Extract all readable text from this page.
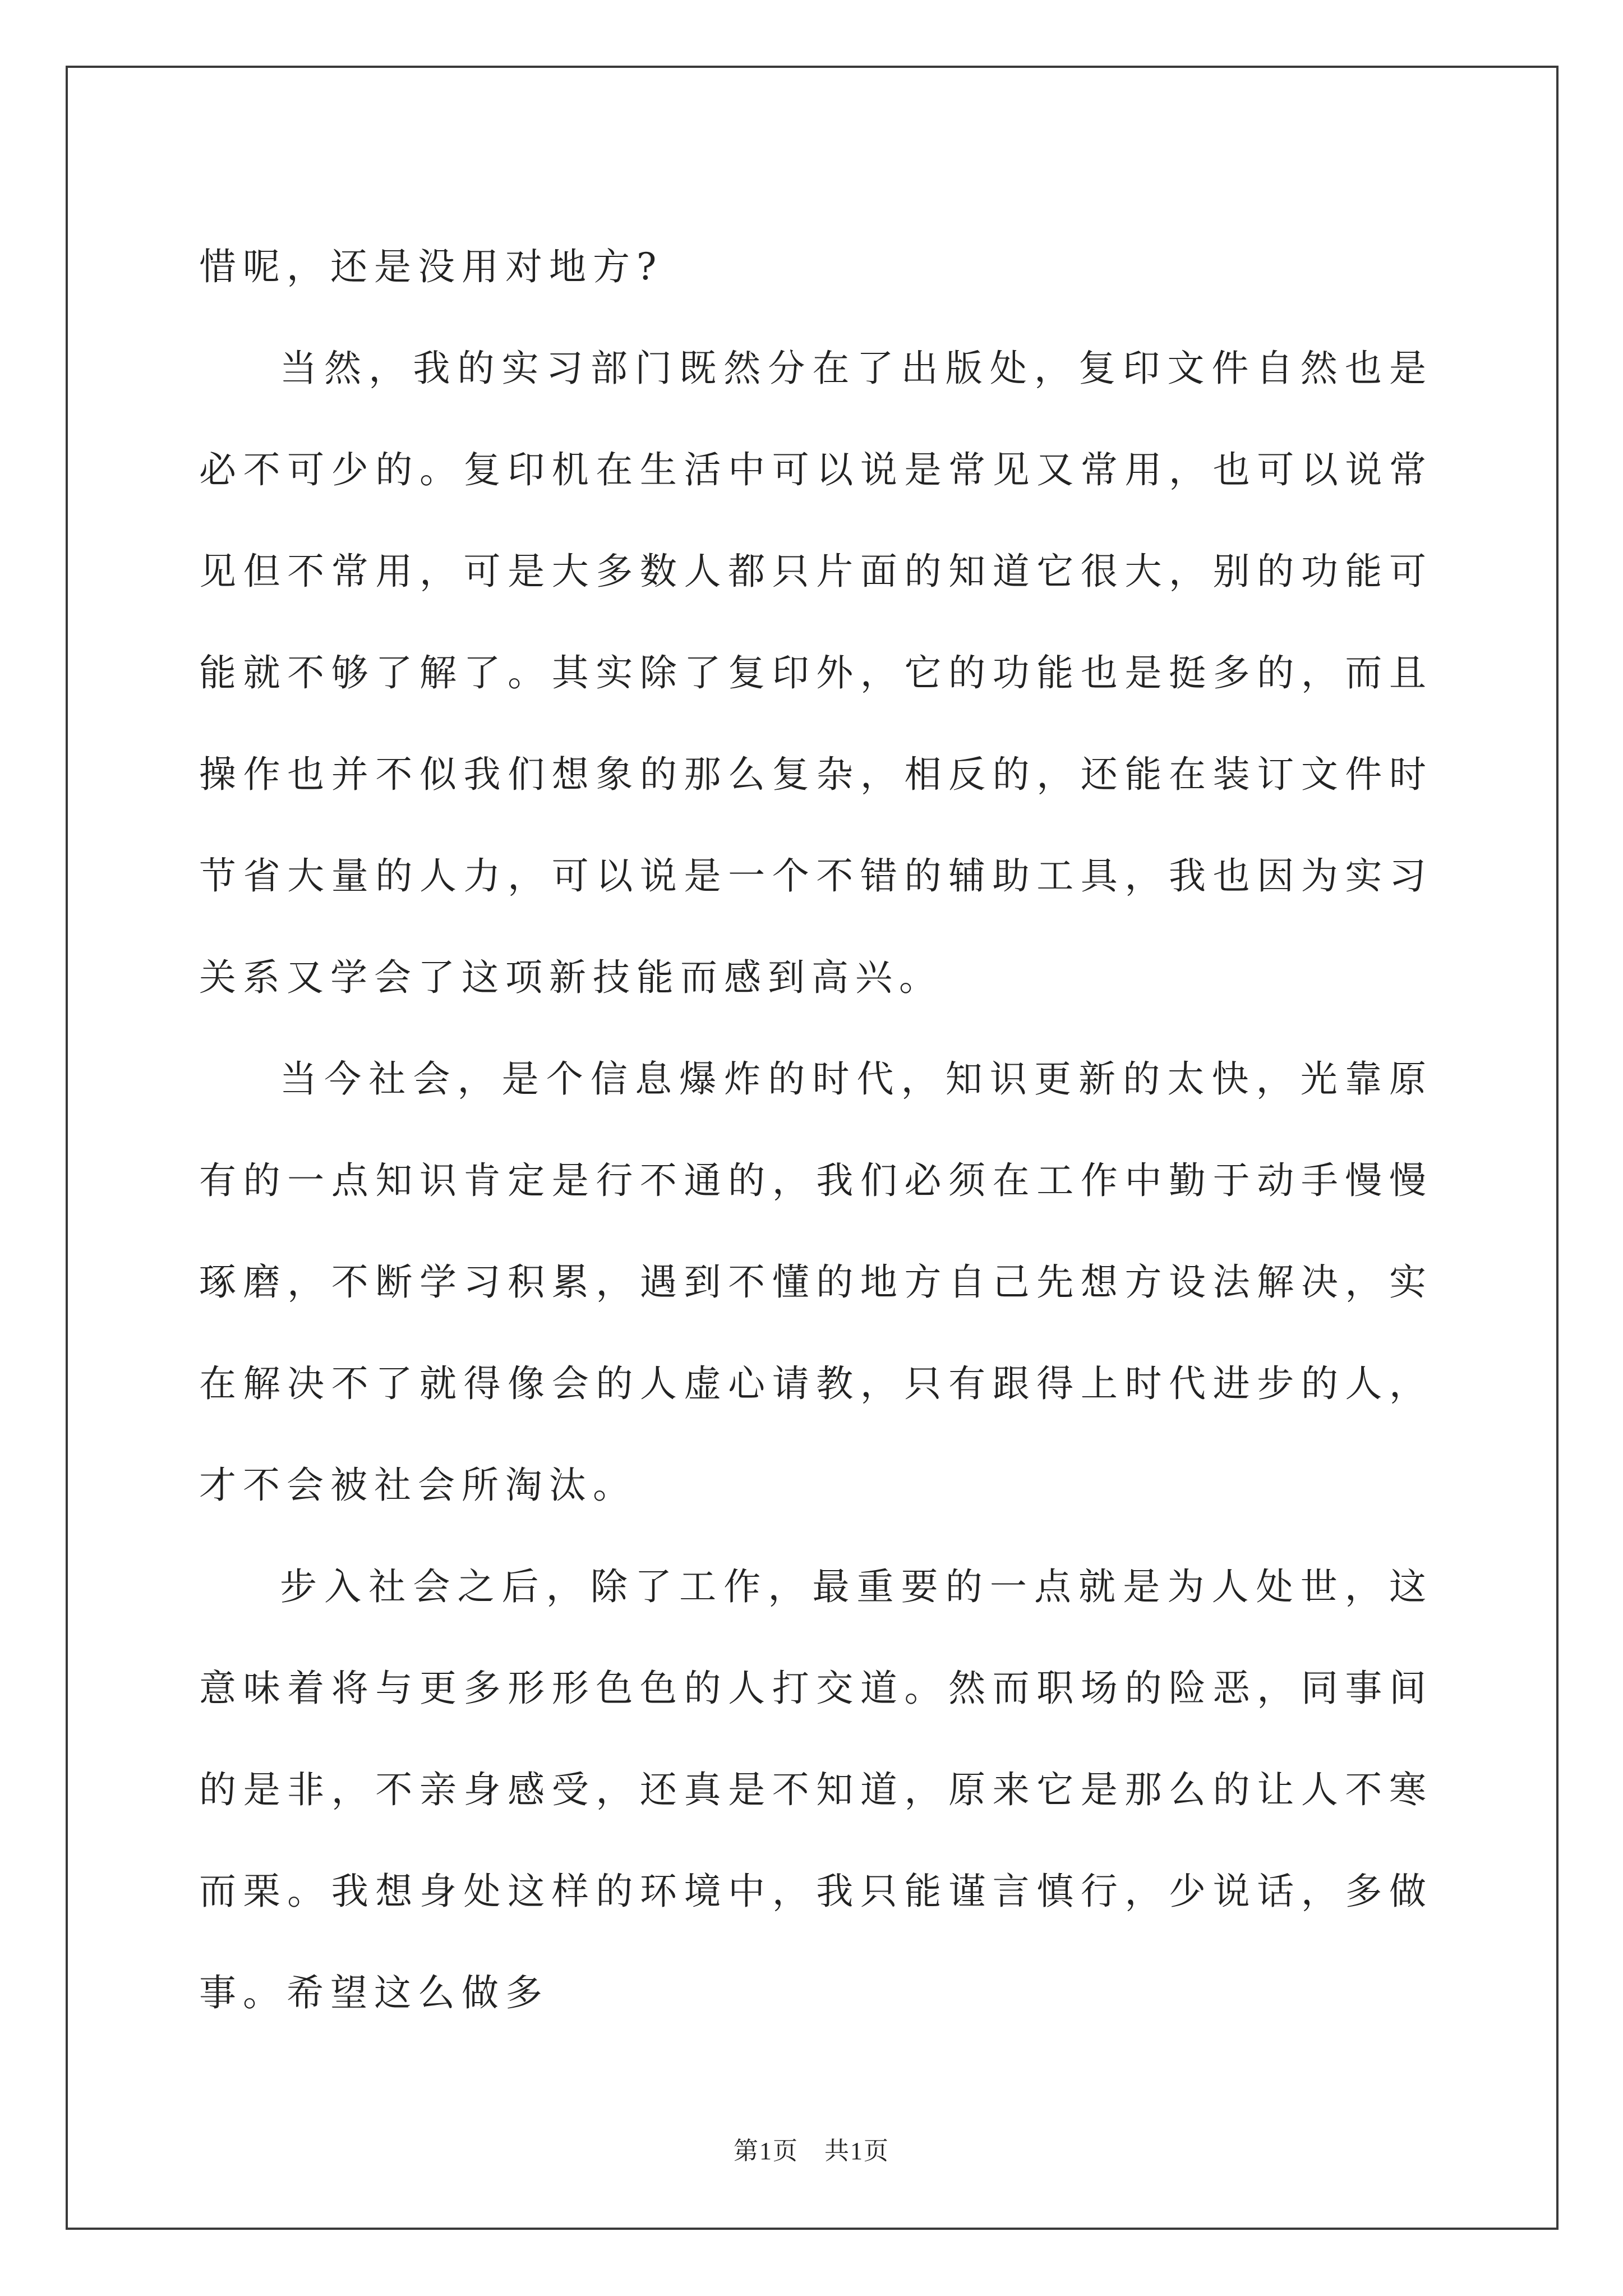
惜呢，还是没用对地方?

当然，我的实习部门既然分在了出版处，复印文件自然也是必不可少的。复印机在生活中可以说是常见又常用，也可以说常见但不常用，可是大多数人都只片面的知道它很大，别的功能可能就不够了解了。其实除了复印外，它的功能也是挺多的，而且操作也并不似我们想象的那么复杂，相反的，还能在装订文件时节省大量的人力，可以说是一个不错的辅助工具，我也因为实习关系又学会了这项新技能而感到高兴。

当今社会，是个信息爆炸的时代，知识更新的太快，光靠原有的一点知识肯定是行不通的，我们必须在工作中勤于动手慢慢琢磨，不断学习积累，遇到不懂的地方自己先想方设法解决，实在解决不了就得像会的人虚心请教，只有跟得上时代进步的人，才不会被社会所淘汰。

步入社会之后，除了工作，最重要的一点就是为人处世，这意味着将与更多形形色色的人打交道。然而职场的险恶，同事间的是非，不亲身感受，还真是不知道，原来它是那么的让人不寒而栗。我想身处这样的环境中，我只能谨言慎行，少说话，多做事。希望这么做多

第1页　共1页
